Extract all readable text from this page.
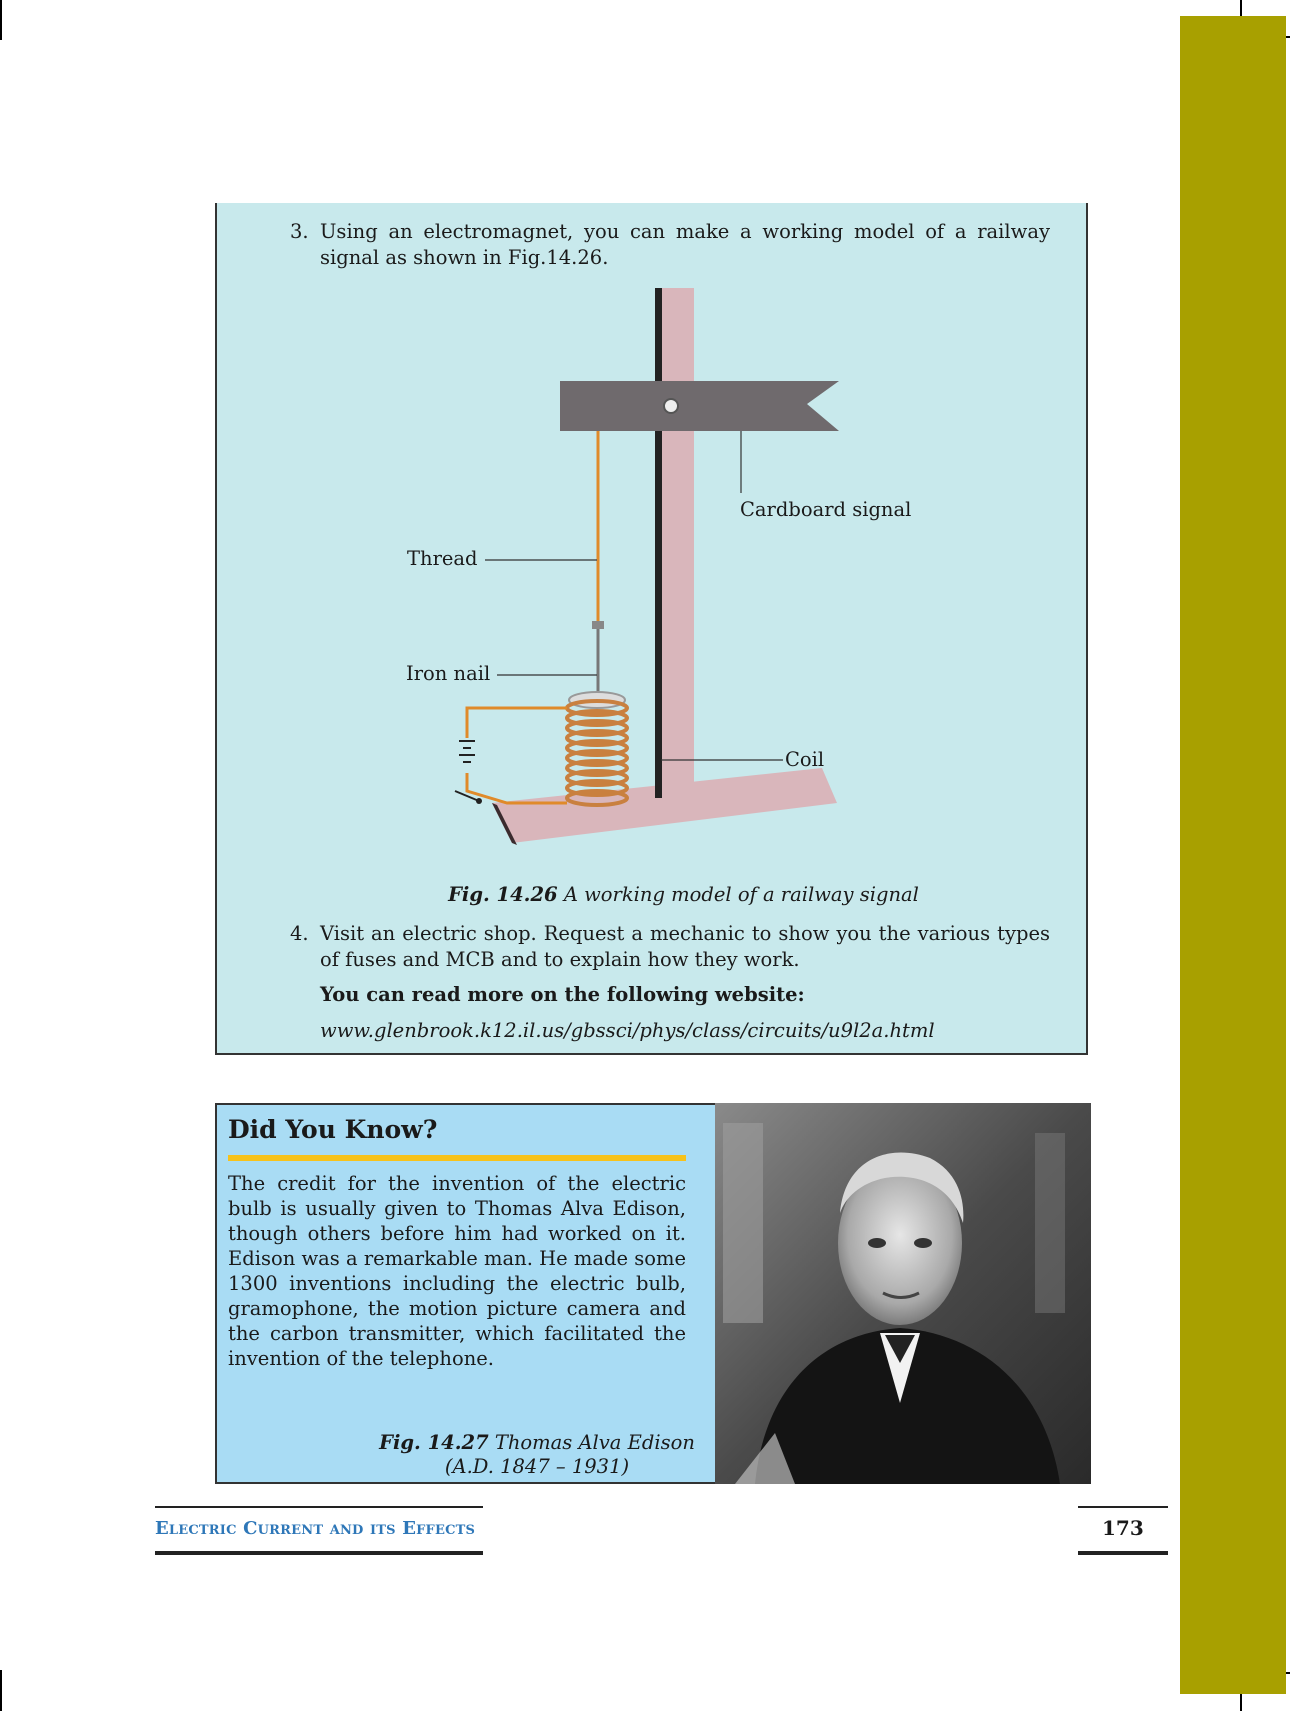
Thread
Iron nail
Cardboard signal
Coil
3. Using an electromagnet, you can make a working model of a railway signal as shown in Fig.14.26.
Fig. 14.26 A working model of a railway signal
4. Visit an electric shop. Request a mechanic to show you the various types of fuses and MCB and to explain how they work.
You can read more on the following website:
www.glenbrook.k12.il.us/gbssci/phys/class/circuits/u9l2a.html
Did You Know?
The credit for the invention of the electric bulb is usually given to Thomas Alva Edison, though others before him had worked on it. Edison was a remarkable man. He made some 1300 inventions including the electric bulb, gramophone, the motion picture camera and the carbon transmitter, which facilitated the invention of the telephone.
Fig. 14.27 Thomas Alva Edison
(A.D. 1847 – 1931)
Electric Current and its Effects	173
